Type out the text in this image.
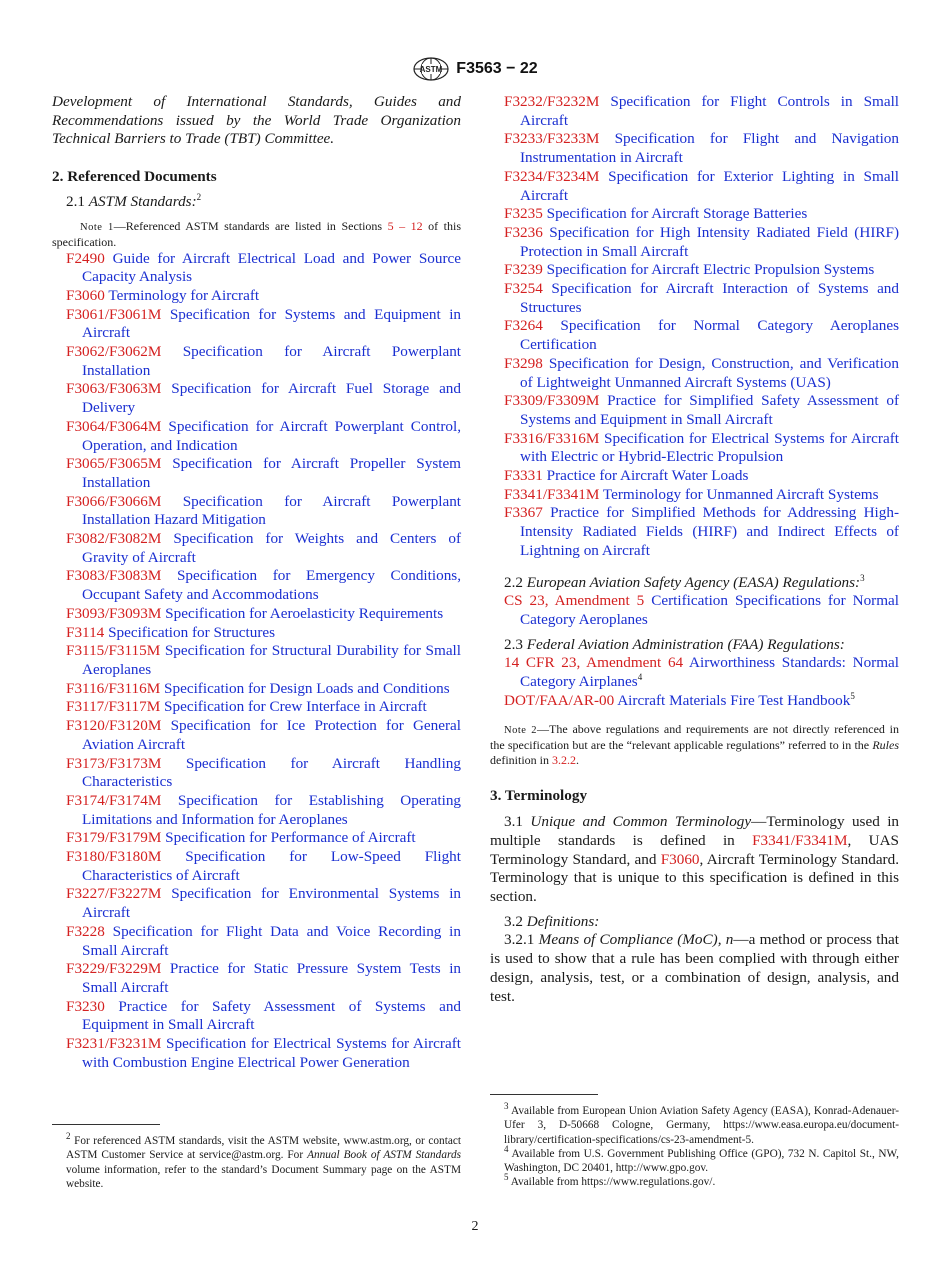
ASTM F3563 − 22

Development of International Standards, Guides and Recommendations issued by the World Trade Organization Technical Barriers to Trade (TBT) Committee.

2. Referenced Documents

2.1 ASTM Standards:$^2$

Note 1—Referenced ASTM standards are listed in Sections 5 – 12 of this specification.

F2490 Guide for Aircraft Electrical Load and Power Source Capacity Analysis

F3060 Terminology for Aircraft

F3061/F3061M Specification for Systems and Equipment in Aircraft

F3062/F3062M Specification for Aircraft Powerplant Installation

F3063/F3063M Specification for Aircraft Fuel Storage and Delivery

F3064/F3064M Specification for Aircraft Powerplant Control, Operation, and Indication

F3065/F3065M Specification for Aircraft Propeller System Installation

F3066/F3066M Specification for Aircraft Powerplant Installation Hazard Mitigation

F3082/F3082M Specification for Weights and Centers of Gravity of Aircraft

F3083/F3083M Specification for Emergency Conditions, Occupant Safety and Accommodations

F3093/F3093M Specification for Aeroelasticity Requirements

F3114 Specification for Structures

F3115/F3115M Specification for Structural Durability for Small Aeroplanes

F3116/F3116M Specification for Design Loads and Conditions

F3117/F3117M Specification for Crew Interface in Aircraft

F3120/F3120M Specification for Ice Protection for General Aviation Aircraft

F3173/F3173M Specification for Aircraft Handling Characteristics

F3174/F3174M Specification for Establishing Operating Limitations and Information for Aeroplanes

F3179/F3179M Specification for Performance of Aircraft

F3180/F3180M Specification for Low-Speed Flight Characteristics of Aircraft

F3227/F3227M Specification for Environmental Systems in Aircraft

F3228 Specification for Flight Data and Voice Recording in Small Aircraft

F3229/F3229M Practice for Static Pressure System Tests in Small Aircraft

F3230 Practice for Safety Assessment of Systems and Equipment in Small Aircraft

F3231/F3231M Specification for Electrical Systems for Aircraft with Combustion Engine Electrical Power Generation

$^2$ For referenced ASTM standards, visit the ASTM website, www.astm.org, or contact ASTM Customer Service at service@astm.org. For Annual Book of ASTM Standards volume information, refer to the standard’s Document Summary page on the ASTM website.

F3232/F3232M Specification for Flight Controls in Small Aircraft

F3233/F3233M Specification for Flight and Navigation Instrumentation in Aircraft

F3234/F3234M Specification for Exterior Lighting in Small Aircraft

F3235 Specification for Aircraft Storage Batteries

F3236 Specification for High Intensity Radiated Field (HIRF) Protection in Small Aircraft

F3239 Specification for Aircraft Electric Propulsion Systems

F3254 Specification for Aircraft Interaction of Systems and Structures

F3264 Specification for Normal Category Aeroplanes Certification

F3298 Specification for Design, Construction, and Verification of Lightweight Unmanned Aircraft Systems (UAS)

F3309/F3309M Practice for Simplified Safety Assessment of Systems and Equipment in Small Aircraft

F3316/F3316M Specification for Electrical Systems for Aircraft with Electric or Hybrid-Electric Propulsion

F3331 Practice for Aircraft Water Loads

F3341/F3341M Terminology for Unmanned Aircraft Systems

F3367 Practice for Simplified Methods for Addressing High-Intensity Radiated Fields (HIRF) and Indirect Effects of Lightning on Aircraft

2.2 European Aviation Safety Agency (EASA) Regulations:$^3$

CS 23, Amendment 5 Certification Specifications for Normal Category Aeroplanes

2.3 Federal Aviation Administration (FAA) Regulations:

14 CFR 23, Amendment 64 Airworthiness Standards: Normal Category Airplanes$^4$

DOT/FAA/AR-00 Aircraft Materials Fire Test Handbook$^5$

Note 2—The above regulations and requirements are not directly referenced in the specification but are the “relevant applicable regulations” referred to in the Rules definition in 3.2.2.

3. Terminology

3.1 Unique and Common Terminology—Terminology used in multiple standards is defined in F3341/F3341M, UAS Terminology Standard, and F3060, Aircraft Terminology Standard. Terminology that is unique to this specification is defined in this section.

3.2 Definitions:

3.2.1 Means of Compliance (MoC), n—a method or process that is used to show that a rule has been complied with through either design, analysis, test, or a combination of design, analysis, and test.

$^3$ Available from European Union Aviation Safety Agency (EASA), Konrad-Adenauer-Ufer 3, D-50668 Cologne, Germany, https://www.easa.europa.eu/document-library/certification-specifications/cs-23-amendment-5.

$^4$ Available from U.S. Government Publishing Office (GPO), 732 N. Capitol St., NW, Washington, DC 20401, http://www.gpo.gov.

$^5$ Available from https://www.regulations.gov/.

2
